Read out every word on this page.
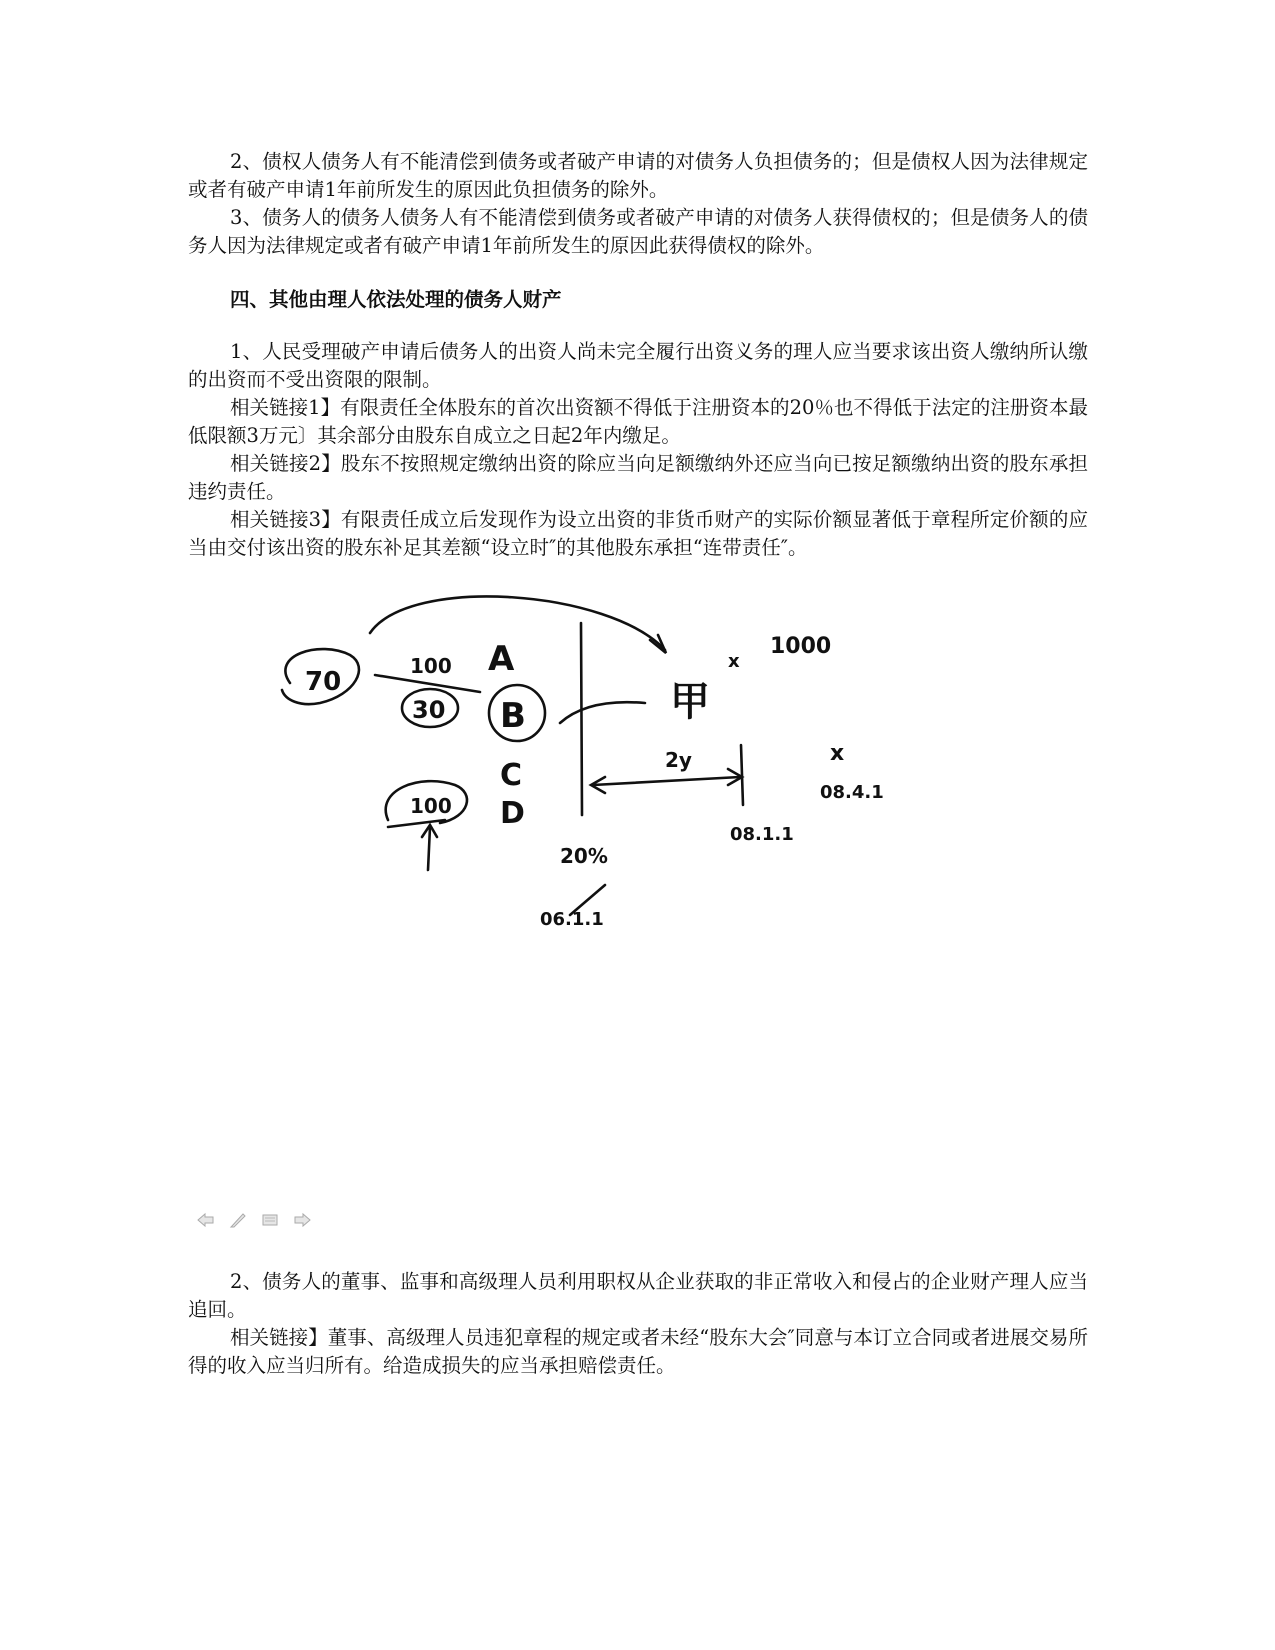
2、债权人债务人有不能清偿到债务或者破产申请的对债务人负担债务的；但是债权人因为法律规定或者有破产申请1年前所发生的原因此负担债务的除外。

3、债务人的债务人债务人有不能清偿到债务或者破产申请的对债务人获得债权的；但是债务人的债务人因为法律规定或者有破产申请1年前所发生的原因此获得债权的除外。

四、其他由理人依法处理的债务人财产

1、人民受理破产申请后债务人的出资人尚未完全履行出资义务的理人应当要求该出资人缴纳所认缴的出资而不受出资限的限制。

相关链接1】有限责任全体股东的首次出资额不得低于注册资本的20％也不得低于法定的注册资本最低限额3万元〕其余部分由股东自成立之日起2年内缴足。

相关链接2】股东不按照规定缴纳出资的除应当向足额缴纳外还应当向已按足额缴纳出资的股东承担违约责任。

相关链接3】有限责任成立后发现作为设立出资的非货币财产的实际价额显著低于章程所定价额的应当由交付该出资的股东补足其差额“设立时″的其他股东承担“连带责任″。

70
100
30
A
B
C
D
100
甲
x
1000
2y	x
08.4.1
08.1.1
20%
06.1.1

2、债务人的董事、监事和高级理人员利用职权从企业获取的非正常收入和侵占的企业财产理人应当追回。

相关链接】董事、高级理人员违犯章程的规定或者未经“股东大会″同意与本订立合同或者进展交易所得的收入应当归所有。给造成损失的应当承担赔偿责任。
